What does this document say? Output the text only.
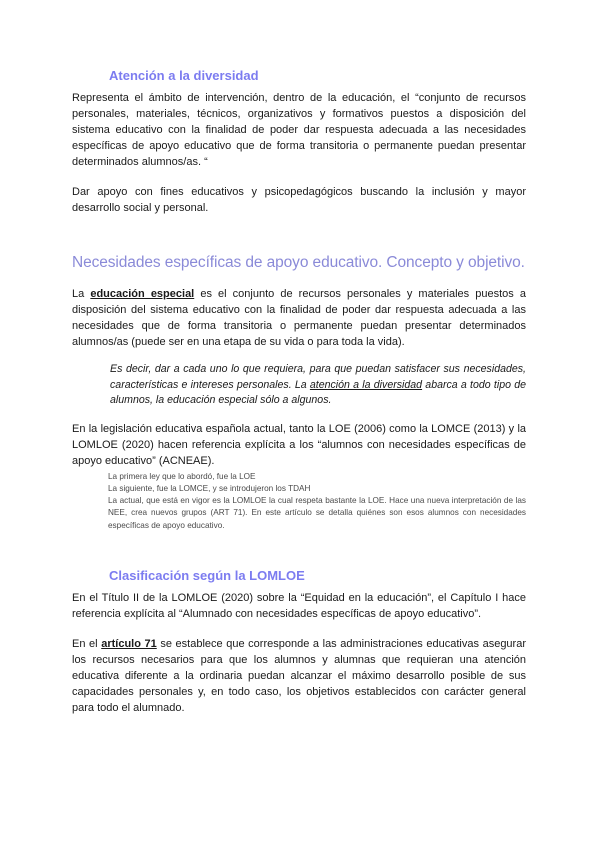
Atención a la diversidad

Representa el ámbito de intervención, dentro de la educación, el “conjunto de recursos personales, materiales, técnicos, organizativos y formativos puestos a disposición del sistema educativo con la finalidad de poder dar respuesta adecuada a las necesidades específicas de apoyo educativo que de forma transitoria o permanente puedan presentar determinados alumnos/as. “

Dar apoyo con fines educativos y psicopedagógicos buscando la inclusión y mayor desarrollo social y personal.

Necesidades específicas de apoyo educativo. Concepto y objetivo.

La educación especial es el conjunto de recursos personales y materiales puestos a disposición del sistema educativo con la finalidad de poder dar respuesta adecuada a las necesidades que de forma transitoria o permanente puedan presentar determinados alumnos/as (puede ser en una etapa de su vida o para toda la vida).

Es decir, dar a cada uno lo que requiera, para que puedan satisfacer sus necesidades, características e intereses personales. La atención a la diversidad abarca a todo tipo de alumnos, la educación especial sólo a algunos.

En la legislación educativa española actual, tanto la LOE (2006) como la LOMCE (2013) y la LOMLOE (2020) hacen referencia explícita a los “alumnos con necesidades específicas de apoyo educativo” (ACNEAE).

La primera ley que lo abordó, fue la LOE
La siguiente, fue la LOMCE, y se introdujeron los TDAH
La actual, que está en vigor es la LOMLOE la cual respeta bastante la LOE. Hace una nueva interpretación de las NEE, crea nuevos grupos (ART 71). En este artículo se detalla quiénes son esos alumnos con necesidades específicas de apoyo educativo.
Clasificación según la LOMLOE

En el Título II de la LOMLOE (2020) sobre la “Equidad en la educación”, el Capítulo I hace referencia explícita al “Alumnado con necesidades específicas de apoyo educativo”.

En el artículo 71 se establece que corresponde a las administraciones educativas asegurar los recursos necesarios para que los alumnos y alumnas que requieran una atención educativa diferente a la ordinaria puedan alcanzar el máximo desarrollo posible de sus capacidades personales y, en todo caso, los objetivos establecidos con carácter general para todo el alumnado.
